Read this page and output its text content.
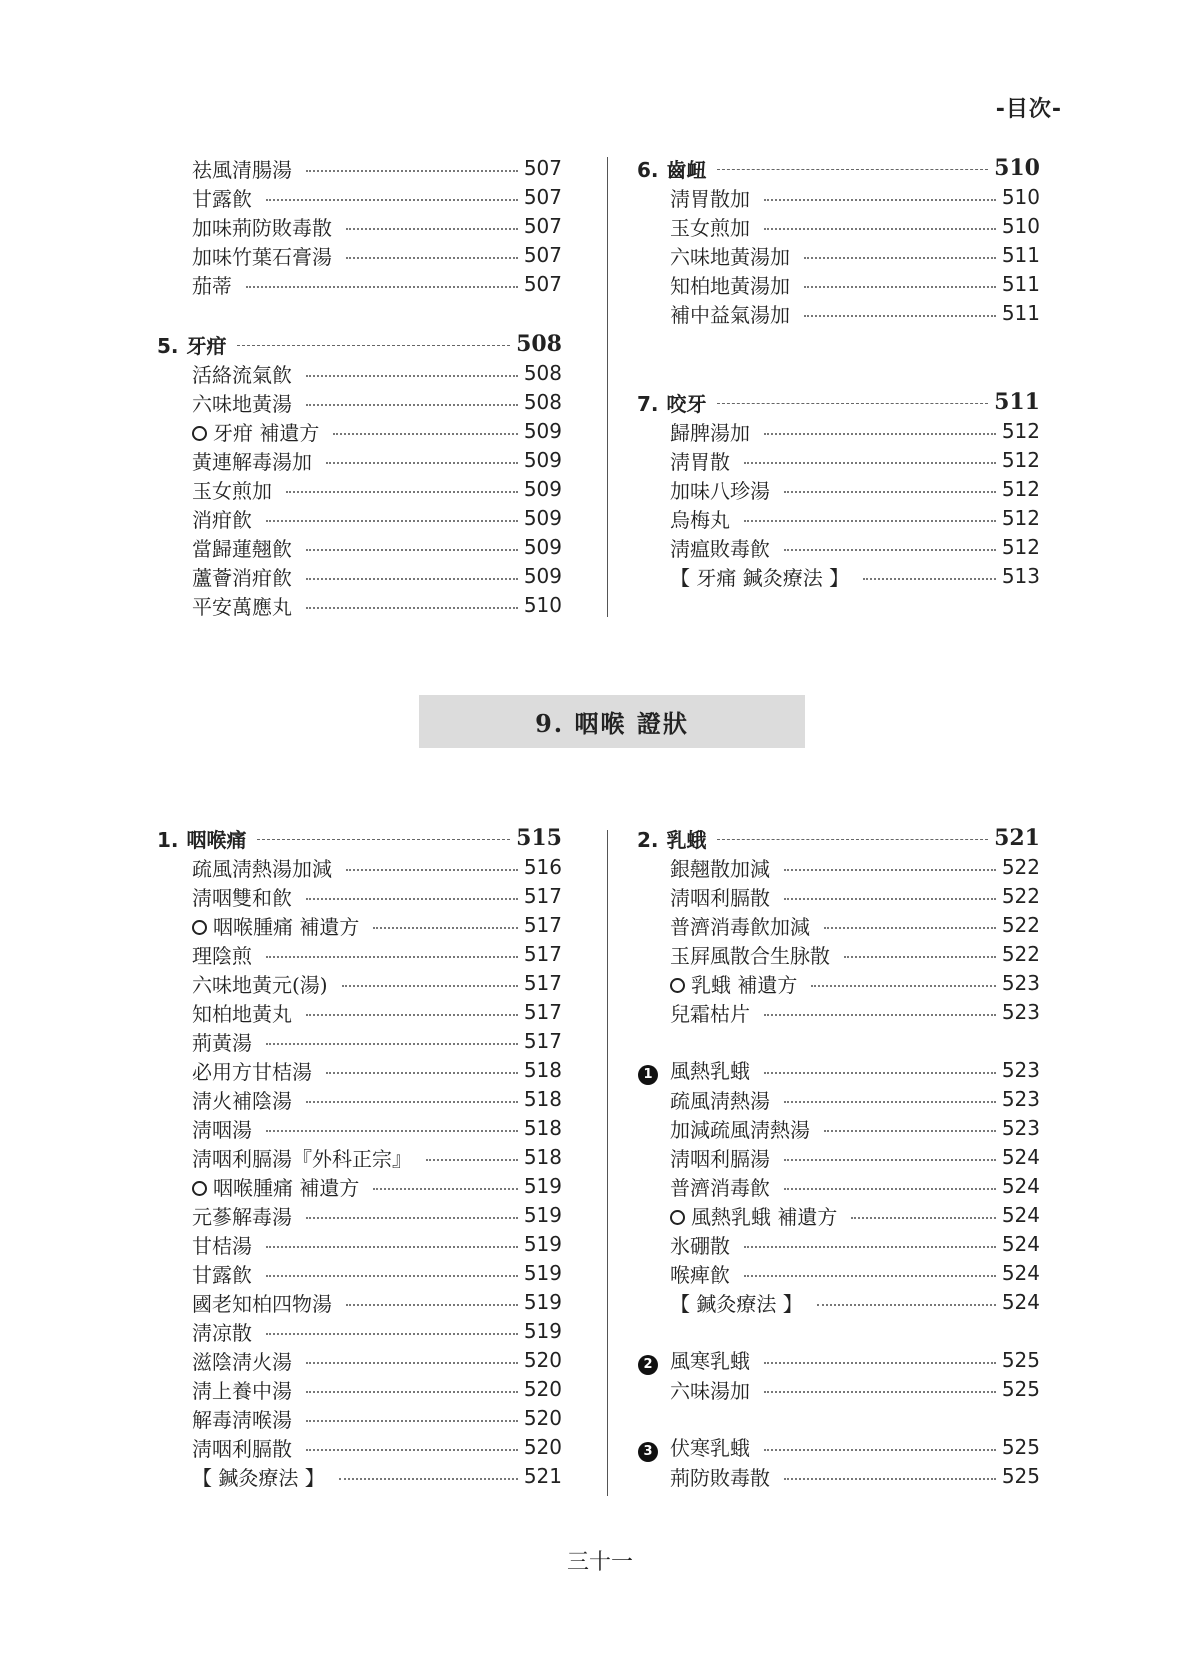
-目次-
祛風清腸湯	507
甘露飮	507
加味荊防敗毒散	507
加味竹葉石膏湯	507
茄蒂	507
5. 牙疳	508
活絡流氣飮	508
六味地黃湯	508
牙疳 補遺方	509
黃連解毒湯加	509
玉女煎加	509
消疳飮	509
當歸蓮翹飮	509
蘆薈消疳飮	509
平安萬應丸	510
6. 齒衄	510
淸胃散加	510
玉女煎加	510
六味地黃湯加	511
知柏地黃湯加	511
補中益氣湯加	511
7. 咬牙	511
歸脾湯加	512
淸胃散	512
加味八珍湯	512
烏梅丸	512
淸瘟敗毒飮	512
【 牙痛 鍼灸療法 】	513
9. 咽喉 證狀
1. 咽喉痛	515
疏風淸熱湯加減	516
淸咽雙和飮	517
咽喉腫痛 補遺方	517
理陰煎	517
六味地黃元(湯)	517
知柏地黃丸	517
荊黃湯	517
必用方甘桔湯	518
淸火補陰湯	518
淸咽湯	518
淸咽利膈湯『外科正宗』	518
咽喉腫痛 補遺方	519
元蔘解毒湯	519
甘桔湯	519
甘露飮	519
國老知柏四物湯	519
淸凉散	519
滋陰淸火湯	520
淸上養中湯	520
解毒淸喉湯	520
淸咽利膈散	520
【 鍼灸療法 】	521
2. 乳蛾	521
銀翹散加減	522
淸咽利膈散	522
普濟消毒飮加減	522
玉屛風散合生脉散	522
乳蛾 補遺方	523
兒霜枯片	523
1 風熱乳蛾	523
疏風淸熱湯	523
加減疏風淸熱湯	523
淸咽利膈湯	524
普濟消毒飮	524
風熱乳蛾 補遺方	524
氷硼散	524
喉痺飮	524
【 鍼灸療法 】	524
2 風寒乳蛾	525
六味湯加	525
3 伏寒乳蛾	525
荊防敗毒散	525
三十一
